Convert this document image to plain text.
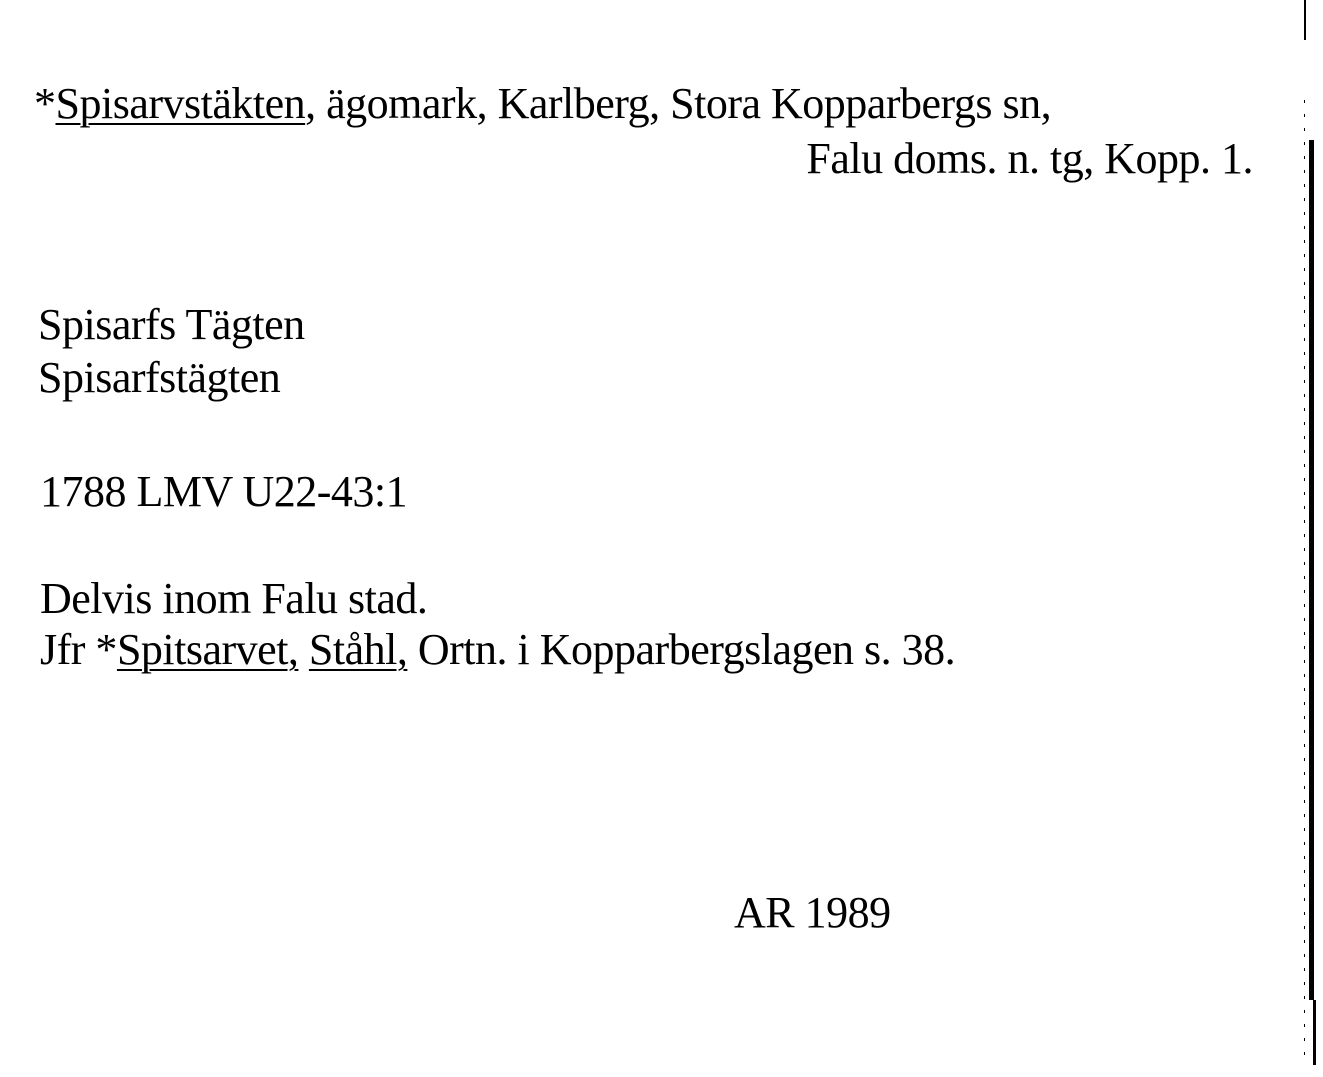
*Spisarvstäkten, ägomark, Karlberg, Stora Kopparbergs sn,
Falu doms. n. tg, Kopp. 1.
Spisarfs Tägten
Spisarfstägten
1788 LMV U22-43:1
Delvis inom Falu stad.
Jfr *Spitsarvet, Ståhl, Ortn. i Kopparbergslagen s. 38.
AR 1989
